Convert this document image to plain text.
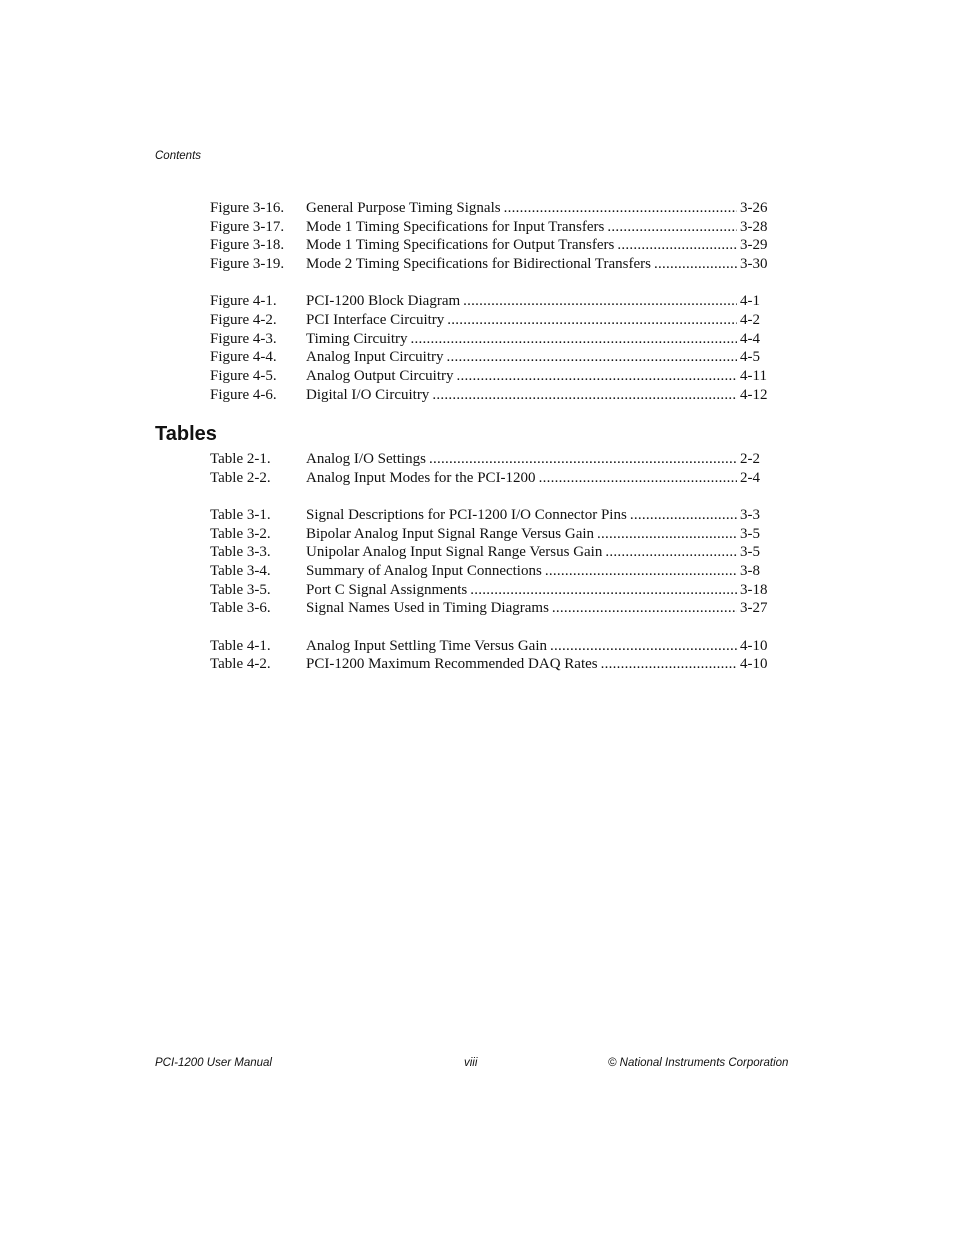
Contents
Figure 3-16.	General Purpose Timing Signals . . .	3-26
Figure 3-17.	Mode 1 Timing Specifications for Input Transfers . . .	3-28
Figure 3-18.	Mode 1 Timing Specifications for Output Transfers . . .	3-29
Figure 3-19.	Mode 2 Timing Specifications for Bidirectional Transfers . . .	3-30
Figure 4-1.	PCI-1200 Block Diagram . . .	4-1
Figure 4-2.	PCI Interface Circuitry . . .	4-2
Figure 4-3.	Timing Circuitry . . .	4-4
Figure 4-4.	Analog Input Circuitry . . .	4-5
Figure 4-5.	Analog Output Circuitry . . .	4-11
Figure 4-6.	Digital I/O Circuitry . . .	4-12
Tables
Table 2-1.	Analog I/O Settings . . .	2-2
Table 2-2.	Analog Input Modes for the PCI-1200 . . .	2-4
Table 3-1.	Signal Descriptions for PCI-1200 I/O Connector Pins . . .	3-3
Table 3-2.	Bipolar Analog Input Signal Range Versus Gain . . .	3-5
Table 3-3.	Unipolar Analog Input Signal Range Versus Gain . . .	3-5
Table 3-4.	Summary of Analog Input Connections . . .	3-8
Table 3-5.	Port C Signal Assignments . . .	3-18
Table 3-6.	Signal Names Used in Timing Diagrams . . .	3-27
Table 4-1.	Analog Input Settling Time Versus Gain . . .	4-10
Table 4-2.	PCI-1200 Maximum Recommended DAQ Rates . . .	4-10
PCI-1200 User Manual	viii	© National Instruments Corporation
